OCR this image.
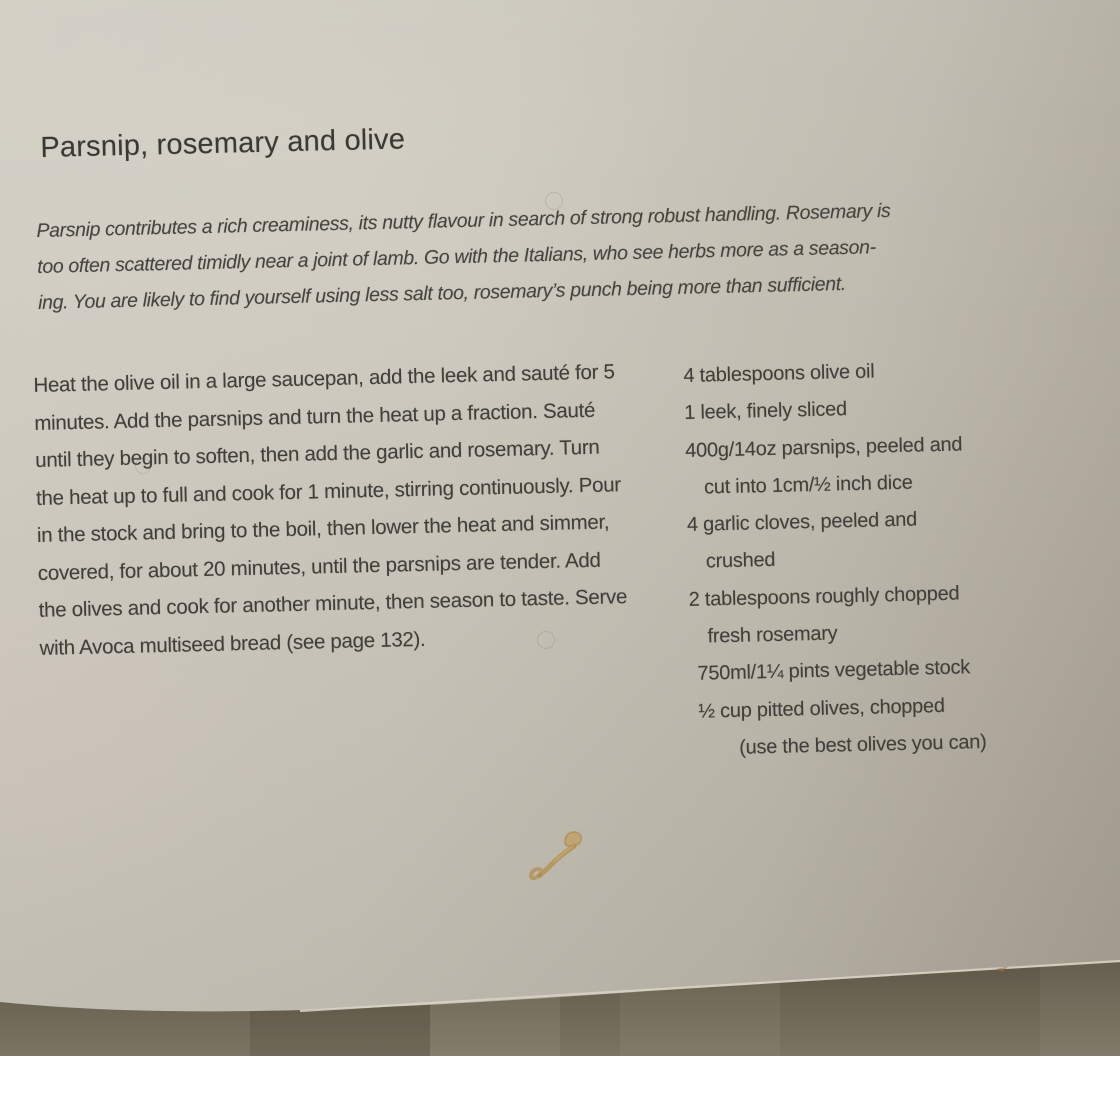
Parsnip, rosemary and olive
Parsnip contributes a rich creaminess, its nutty flavour in search of strong robust handling. Rosemary is
too often scattered timidly near a joint of lamb. Go with the Italians, who see herbs more as a season-
ing. You are likely to find yourself using less salt too, rosemary’s punch being more than sufficient.
Heat the olive oil in a large saucepan, add the leek and sauté for 5
minutes. Add the parsnips and turn the heat up a fraction. Sauté
until they begin to soften, then add the garlic and rosemary. Turn
the heat up to full and cook for 1 minute, stirring continuously. Pour
in the stock and bring to the boil, then lower the heat and simmer,
covered, for about 20 minutes, until the parsnips are tender. Add
the olives and cook for another minute, then season to taste. Serve
with Avoca multiseed bread (see page 132).
4 tablespoons olive oil
1 leek, finely sliced
400g/14oz parsnips, peeled and
cut into 1cm/½ inch dice
4 garlic cloves, peeled and
crushed
2 tablespoons roughly chopped
fresh rosemary
750ml/1¼ pints vegetable stock
½ cup pitted olives, chopped
(use the best olives you can)
